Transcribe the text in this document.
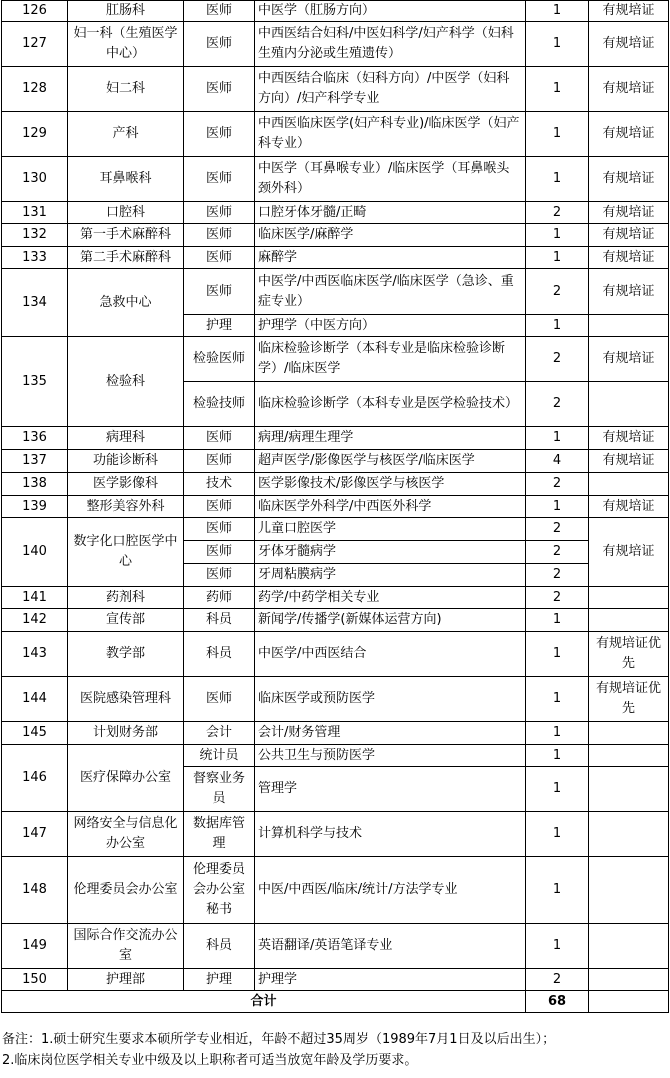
126	肛肠科	医师	中医学（肛肠方向）	1	有规培证
127	妇一科（生殖医学中心）	医师	中西医结合妇科/中医妇科学/妇产科学（妇科生殖内分泌或生殖遗传）	1	有规培证
128	妇二科	医师	中西医结合临床（妇科方向）/中医学（妇科方向）/妇产科学专业	1	有规培证
129	产科	医师	中西医临床医学(妇产科专业)/临床医学（妇产科专业）	1	有规培证
130	耳鼻喉科	医师	中医学（耳鼻喉专业）/临床医学（耳鼻喉头颈外科）	1	有规培证
131	口腔科	医师	口腔牙体牙髓/正畸	2	有规培证
132	第一手术麻醉科	医师	临床医学/麻醉学	1	有规培证
133	第二手术麻醉科	医师	麻醉学	1	有规培证
134	急救中心	医师	中医学/中西医临床医学/临床医学（急诊、重症专业）	2	有规培证
		护理	护理学（中医方向）	1	
135	检验科	检验医师	临床检验诊断学（本科专业是临床检验诊断学）/临床医学	2	有规培证
		检验技师	临床检验诊断学（本科专业是医学检验技术）	2	
136	病理科	医师	病理/病理生理学	1	有规培证
137	功能诊断科	医师	超声医学/影像医学与核医学/临床医学	4	有规培证
138	医学影像科	技术	医学影像技术/影像医学与核医学	2	
139	整形美容外科	医师	临床医学外科学/中西医外科学	1	有规培证
140	数字化口腔医学中心	医师	儿童口腔医学	2	有规培证
		医师	牙体牙髓病学	2	
		医师	牙周粘膜病学	2	
141	药剂科	药师	药学/中药学相关专业	2	
142	宣传部	科员	新闻学/传播学(新媒体运营方向)	1	
143	教学部	科员	中医学/中西医结合	1	有规培证优先
144	医院感染管理科	医师	临床医学或预防医学	1	有规培证优先
145	计划财务部	会计	会计/财务管理	1	
146	医疗保障办公室	统计员	公共卫生与预防医学	1	
		督察业务员	管理学	1	
147	网络安全与信息化办公室	数据库管理	计算机科学与技术	1	
148	伦理委员会办公室	伦理委员会办公室秘书	中医/中西医/临床/统计/方法学专业	1	
149	国际合作交流办公室	科员	英语翻译/英语笔译专业	1	
150	护理部	护理	护理学	2	
合计				68	
备注：1.硕士研究生要求本硕所学专业相近，年龄不超过35周岁（1989年7月1日及以后出生）；
2.临床岗位医学相关专业中级及以上职称者可适当放宽年龄及学历要求。
